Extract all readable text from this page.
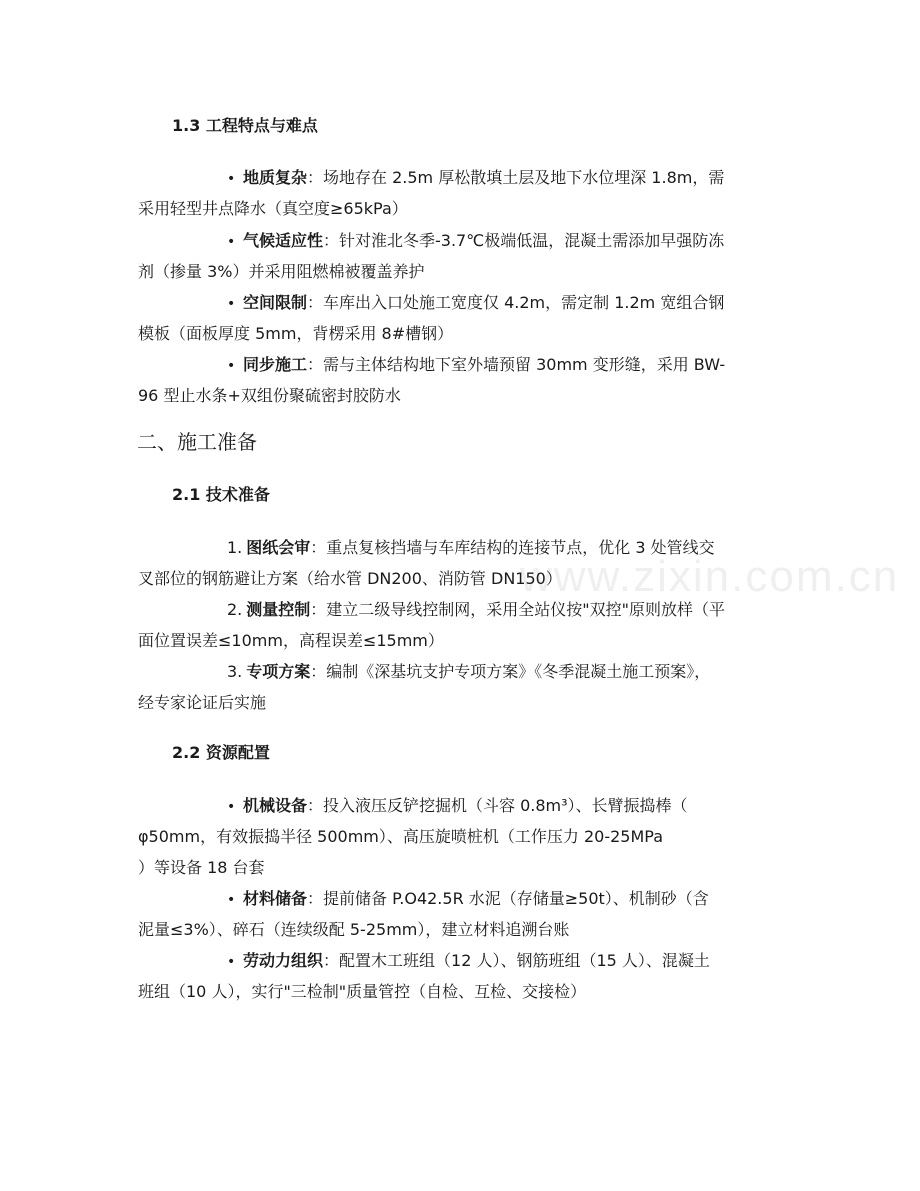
www.zixin.com.cn
1.3 工程特点与难点
• 地质复杂：场地存在 2.5m 厚松散填土层及地下水位埋深 1.8m，需
采用轻型井点降水（真空度≥65kPa）
• 气候适应性：针对淮北冬季-3.7℃极端低温，混凝土需添加早强防冻
剂（掺量 3%）并采用阻燃棉被覆盖养护
• 空间限制：车库出入口处施工宽度仅 4.2m，需定制 1.2m 宽组合钢
模板（面板厚度 5mm，背楞采用 8#槽钢）
• 同步施工：需与主体结构地下室外墙预留 30mm 变形缝，采用 BW-
96 型止水条+双组份聚硫密封胶防水
二、施工准备
2.1 技术准备
1. 图纸会审：重点复核挡墙与车库结构的连接节点，优化 3 处管线交
叉部位的钢筋避让方案（给水管 DN200、消防管 DN150）
2. 测量控制：建立二级导线控制网，采用全站仪按"双控"原则放样（平
面位置误差≤10mm，高程误差≤15mm）
3. 专项方案：编制《深基坑支护专项方案》《冬季混凝土施工预案》，
经专家论证后实施
2.2 资源配置
• 机械设备：投入液压反铲挖掘机（斗容 0.8m³）、长臂振捣棒（
φ50mm，有效振捣半径 500mm）、高压旋喷桩机（工作压力 20-25MPa
）等设备 18 台套
• 材料储备：提前储备 P.O42.5R 水泥（存储量≥50t）、机制砂（含
泥量≤3%）、碎石（连续级配 5-25mm），建立材料追溯台账
• 劳动力组织：配置木工班组（12 人）、钢筋班组（15 人）、混凝土
班组（10 人），实行"三检制"质量管控（自检、互检、交接检）
